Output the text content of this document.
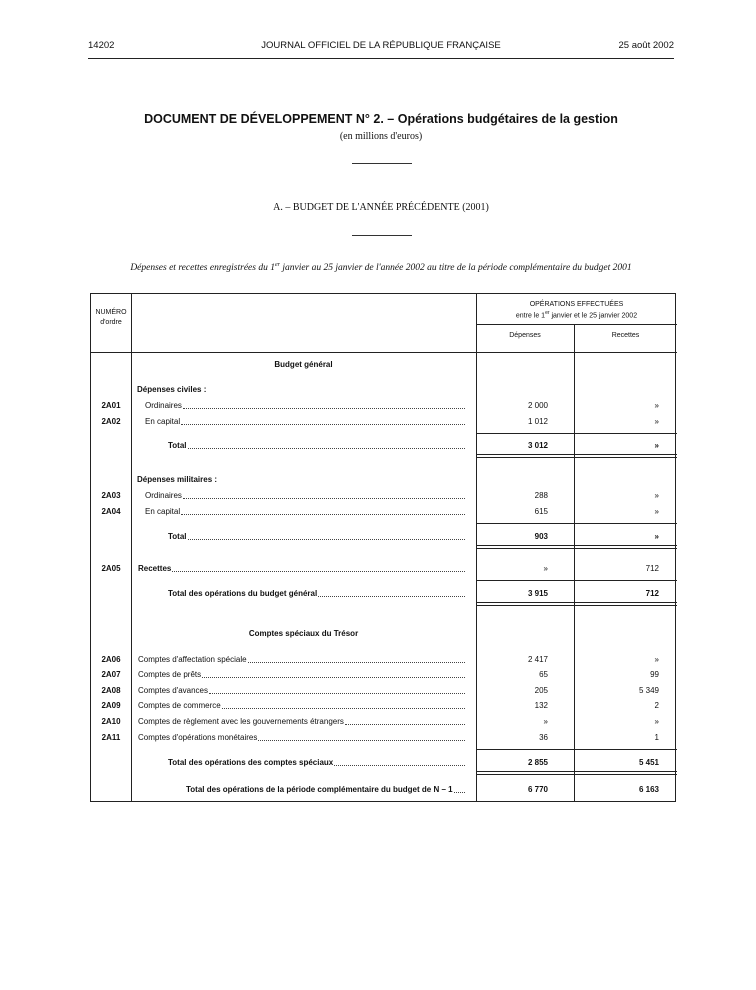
14202	JOURNAL OFFICIEL DE LA RÉPUBLIQUE FRANÇAISE	25 août 2002
DOCUMENT DE DÉVELOPPEMENT N° 2. – Opérations budgétaires de la gestion
(en millions d'euros)
A. – BUDGET DE L'ANNÉE PRÉCÉDENTE (2001)
Dépenses et recettes enregistrées du 1er janvier au 25 janvier de l'année 2002 au titre de la période complémentaire du budget 2001
NUMÉRO d'ordre
OPÉRATIONS EFFECTUÉES
entre le 1er janvier et le 25 janvier 2002
Dépenses	Recettes
Budget général
Dépenses civiles :
2A01	Ordinaires	2 000	»
2A02	En capital	1 012	»
Total	3 012	»
Dépenses militaires :
2A03	Ordinaires	288	»
2A04	En capital	615	»
Total	903	»
2A05	Recettes	»	712
Total des opérations du budget général	3 915	712
Comptes spéciaux du Trésor
2A06	Comptes d'affectation spéciale	2 417	»
2A07	Comptes de prêts	65	99
2A08	Comptes d'avances	205	5 349
2A09	Comptes de commerce	132	2
2A10	Comptes de règlement avec les gouvernements étrangers	»	»
2A11	Comptes d'opérations monétaires	36	1
Total des opérations des comptes spéciaux	2 855	5 451
Total des opérations de la période complémentaire du budget de N – 1	6 770	6 163
